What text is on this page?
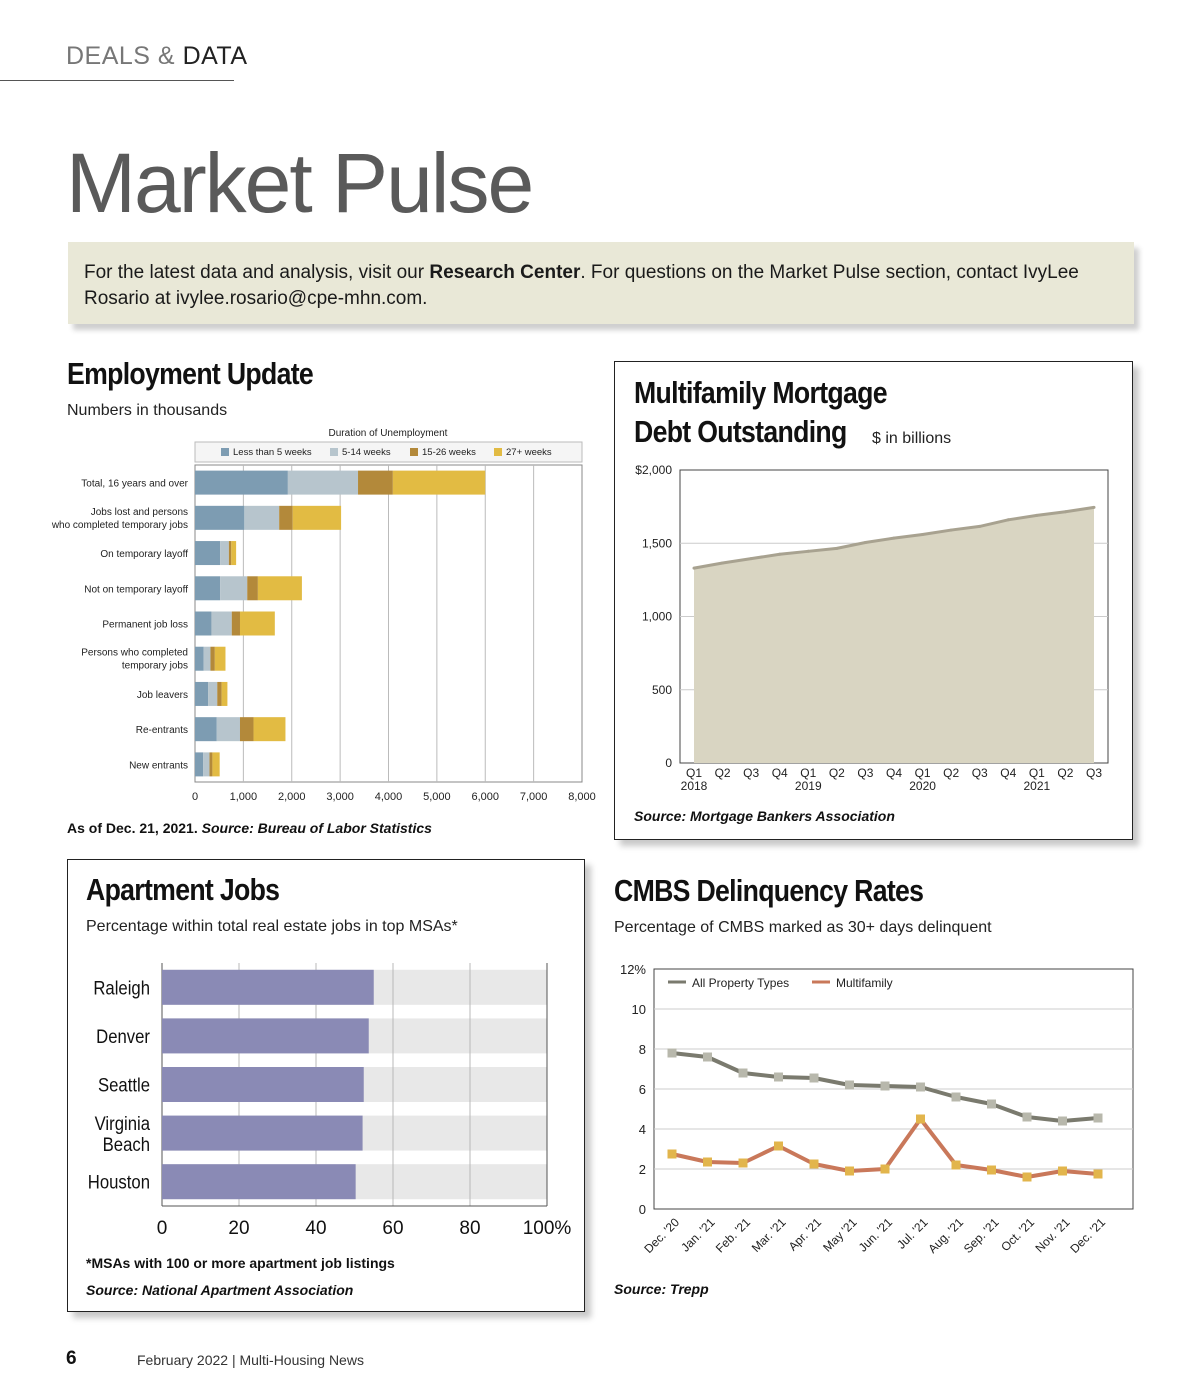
DEALS & DATA
Market Pulse
For the latest data and analysis, visit our Research Center. For questions on the Market Pulse section, contact IvyLee Rosario at ivylee.rosario@cpe-mhn.com.
Employment Update
Numbers in thousands
Duration of Unemployment
Less than 5 weeks	5-14 weeks	15-26 weeks	27+ weeks
0	1,000 2,000 3,000 4,000 5,000 6,000 7,000 8,000
Total, 16 years and over
Jobs lost and persons who completed temporary jobs
On temporary layoff
Not on temporary layoff
Permanent job loss
Persons who completed temporary jobs
Job leavers
Re-entrants
New entrants
As of Dec. 21, 2021. Source: Bureau of Labor Statistics
Multifamily Mortgage
Debt Outstanding $ in billions
0
500
1,000
1,500
$2,000
Q1
2018
Q2 Q3 Q4 Q1
2019
Q2 Q3 Q4 Q1
2020
Q2 Q3 Q4 Q1
2021
Q2 Q3
Source: Mortgage Bankers Association
Apartment Jobs
Percentage within total real estate jobs in top MSAs*
Raleigh
Denver
Seattle
Virginia
Beach
Houston
0	20	40	60	80 100%
*MSAs with 100 or more apartment job listings
Source: National Apartment Association
CMBS Delinquency Rates
Percentage of CMBS marked as 30+ days delinquent
0
2
4
6
8
10
12%
All Property Types	Multifamily
Dec. '20
Jan. '21
Feb. '21
Mar. '21
Apr. '21
May '21
Jun. '21
Jul. '21
Aug. '21
Sep. '21
Oct. '21
Nov. '21
Dec. '21
Source: Trepp
6	February 2022 | Multi-Housing News
